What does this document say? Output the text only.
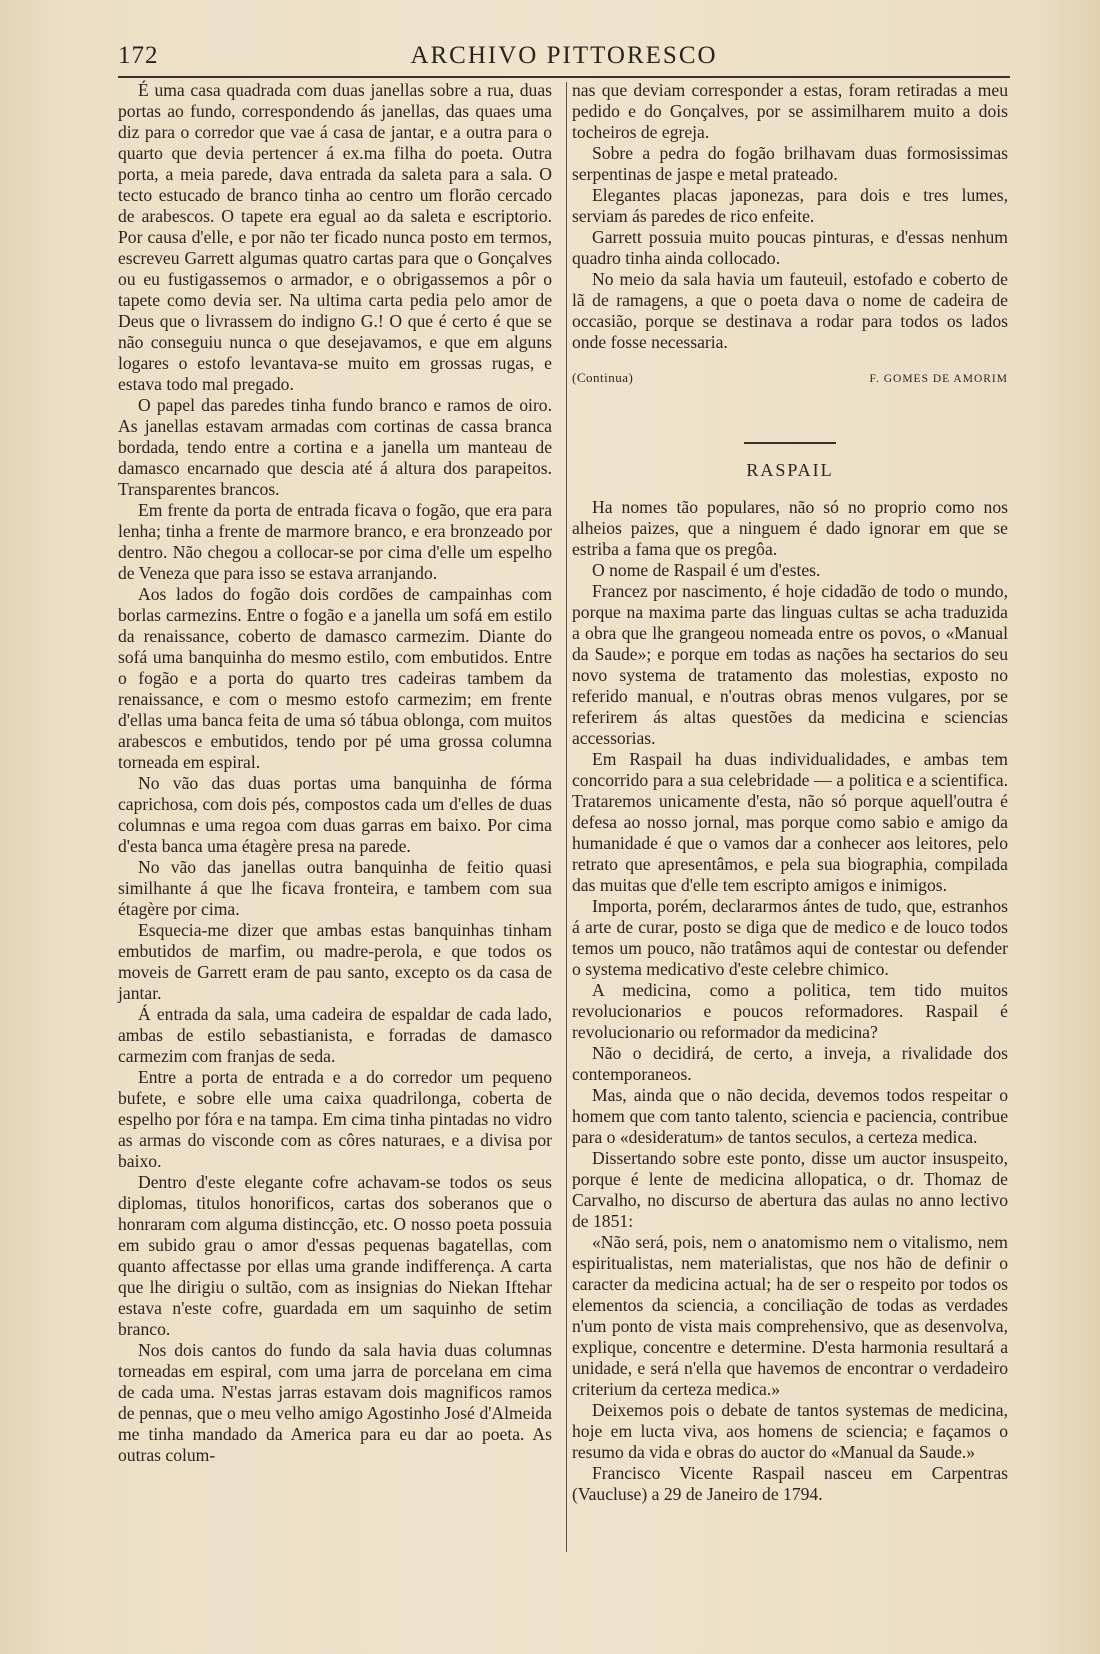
172	ARCHIVO PITTORESCO

É uma casa quadrada com duas janellas sobre a rua, duas portas ao fundo, correspondendo ás janellas, das quaes uma diz para o corredor que vae á casa de jantar, e a outra para o quarto que devia pertencer á ex.ma filha do poeta. Outra porta, a meia parede, dava entrada da saleta para a sala. O tecto estucado de branco tinha ao centro um florão cercado de arabescos. O tapete era egual ao da saleta e escriptorio. Por causa d'elle, e por não ter ficado nunca posto em termos, escreveu Garrett algumas quatro cartas para que o Gonçalves ou eu fustigassemos o armador, e o obrigassemos a pôr o tapete como devia ser. Na ultima carta pedia pelo amor de Deus que o livrassem do indigno G.! O que é certo é que se não conseguiu nunca o que desejavamos, e que em alguns logares o estofo levantava-se muito em grossas rugas, e estava todo mal pregado.

O papel das paredes tinha fundo branco e ramos de oiro. As janellas estavam armadas com cortinas de cassa branca bordada, tendo entre a cortina e a janella um manteau de damasco encarnado que descia até á altura dos parapeitos. Transparentes brancos.

Em frente da porta de entrada ficava o fogão, que era para lenha; tinha a frente de marmore branco, e era bronzeado por dentro. Não chegou a collocar-se por cima d'elle um espelho de Veneza que para isso se estava arranjando.

Aos lados do fogão dois cordões de campainhas com borlas carmezins. Entre o fogão e a janella um sofá em estilo da renaissance, coberto de damasco carmezim. Diante do sofá uma banquinha do mesmo estilo, com embutidos. Entre o fogão e a porta do quarto tres cadeiras tambem da renaissance, e com o mesmo estofo carmezim; em frente d'ellas uma banca feita de uma só tábua oblonga, com muitos arabescos e embutidos, tendo por pé uma grossa columna torneada em espiral.

No vão das duas portas uma banquinha de fórma caprichosa, com dois pés, compostos cada um d'elles de duas columnas e uma regoa com duas garras em baixo. Por cima d'esta banca uma étagère presa na parede.

No vão das janellas outra banquinha de feitio quasi similhante á que lhe ficava fronteira, e tambem com sua étagère por cima.

Esquecia-me dizer que ambas estas banquinhas tinham embutidos de marfim, ou madre-perola, e que todos os moveis de Garrett eram de pau santo, excepto os da casa de jantar.

Á entrada da sala, uma cadeira de espaldar de cada lado, ambas de estilo sebastianista, e forradas de damasco carmezim com franjas de seda.

Entre a porta de entrada e a do corredor um pequeno bufete, e sobre elle uma caixa quadrilonga, coberta de espelho por fóra e na tampa. Em cima tinha pintadas no vidro as armas do visconde com as côres naturaes, e a divisa por baixo.

Dentro d'este elegante cofre achavam-se todos os seus diplomas, titulos honorificos, cartas dos soberanos que o honraram com alguma distincção, etc. O nosso poeta possuia em subido grau o amor d'essas pequenas bagatellas, com quanto affectasse por ellas uma grande indifferença. A carta que lhe dirigiu o sultão, com as insignias do Niekan Iftehar estava n'este cofre, guardada em um saquinho de setim branco.

Nos dois cantos do fundo da sala havia duas columnas torneadas em espiral, com uma jarra de porcelana em cima de cada uma. N'estas jarras estavam dois magnificos ramos de pennas, que o meu velho amigo Agostinho José d'Almeida me tinha mandado da America para eu dar ao poeta. As outras colum-

nas que deviam corresponder a estas, foram retiradas a meu pedido e do Gonçalves, por se assimilharem muito a dois tocheiros de egreja.

Sobre a pedra do fogão brilhavam duas formosissimas serpentinas de jaspe e metal prateado.

Elegantes placas japonezas, para dois e tres lumes, serviam ás paredes de rico enfeite.

Garrett possuia muito poucas pinturas, e d'essas nenhum quadro tinha ainda collocado.

No meio da sala havia um fauteuil, estofado e coberto de lã de ramagens, a que o poeta dava o nome de cadeira de occasião, porque se destinava a rodar para todos os lados onde fosse necessaria.

(Continua)	F. GOMES DE AMORIM
RASPAIL

Ha nomes tão populares, não só no proprio como nos alheios paizes, que a ninguem é dado ignorar em que se estriba a fama que os pregôa.

O nome de Raspail é um d'estes.

Francez por nascimento, é hoje cidadão de todo o mundo, porque na maxima parte das linguas cultas se acha traduzida a obra que lhe grangeou nomeada entre os povos, o «Manual da Saude»; e porque em todas as nações ha sectarios do seu novo systema de tratamento das molestias, exposto no referido manual, e n'outras obras menos vulgares, por se referirem ás altas questões da medicina e sciencias accessorias.

Em Raspail ha duas individualidades, e ambas tem concorrido para a sua celebridade — a politica e a scientifica. Trataremos unicamente d'esta, não só porque aquell'outra é defesa ao nosso jornal, mas porque como sabio e amigo da humanidade é que o vamos dar a conhecer aos leitores, pelo retrato que apresentâmos, e pela sua biographia, compilada das muitas que d'elle tem escripto amigos e inimigos.

Importa, porém, declararmos ántes de tudo, que, estranhos á arte de curar, posto se diga que de medico e de louco todos temos um pouco, não tratâmos aqui de contestar ou defender o systema medicativo d'este celebre chimico.

A medicina, como a politica, tem tido muitos revolucionarios e poucos reformadores. Raspail é revolucionario ou reformador da medicina?

Não o decidirá, de certo, a inveja, a rivalidade dos contemporaneos.

Mas, ainda que o não decida, devemos todos respeitar o homem que com tanto talento, sciencia e paciencia, contribue para o «desideratum» de tantos seculos, a certeza medica.

Dissertando sobre este ponto, disse um auctor insuspeito, porque é lente de medicina allopatica, o dr. Thomaz de Carvalho, no discurso de abertura das aulas no anno lectivo de 1851:

«Não será, pois, nem o anatomismo nem o vitalismo, nem espiritualistas, nem materialistas, que nos hão de definir o caracter da medicina actual; ha de ser o respeito por todos os elementos da sciencia, a conciliação de todas as verdades n'um ponto de vista mais comprehensivo, que as desenvolva, explique, concentre e determine. D'esta harmonia resultará a unidade, e será n'ella que havemos de encontrar o verdadeiro criterium da certeza medica.»

Deixemos pois o debate de tantos systemas de medicina, hoje em lucta viva, aos homens de sciencia; e façamos o resumo da vida e obras do auctor do «Manual da Saude.»

Francisco Vicente Raspail nasceu em Carpentras (Vaucluse) a 29 de Janeiro de 1794.
